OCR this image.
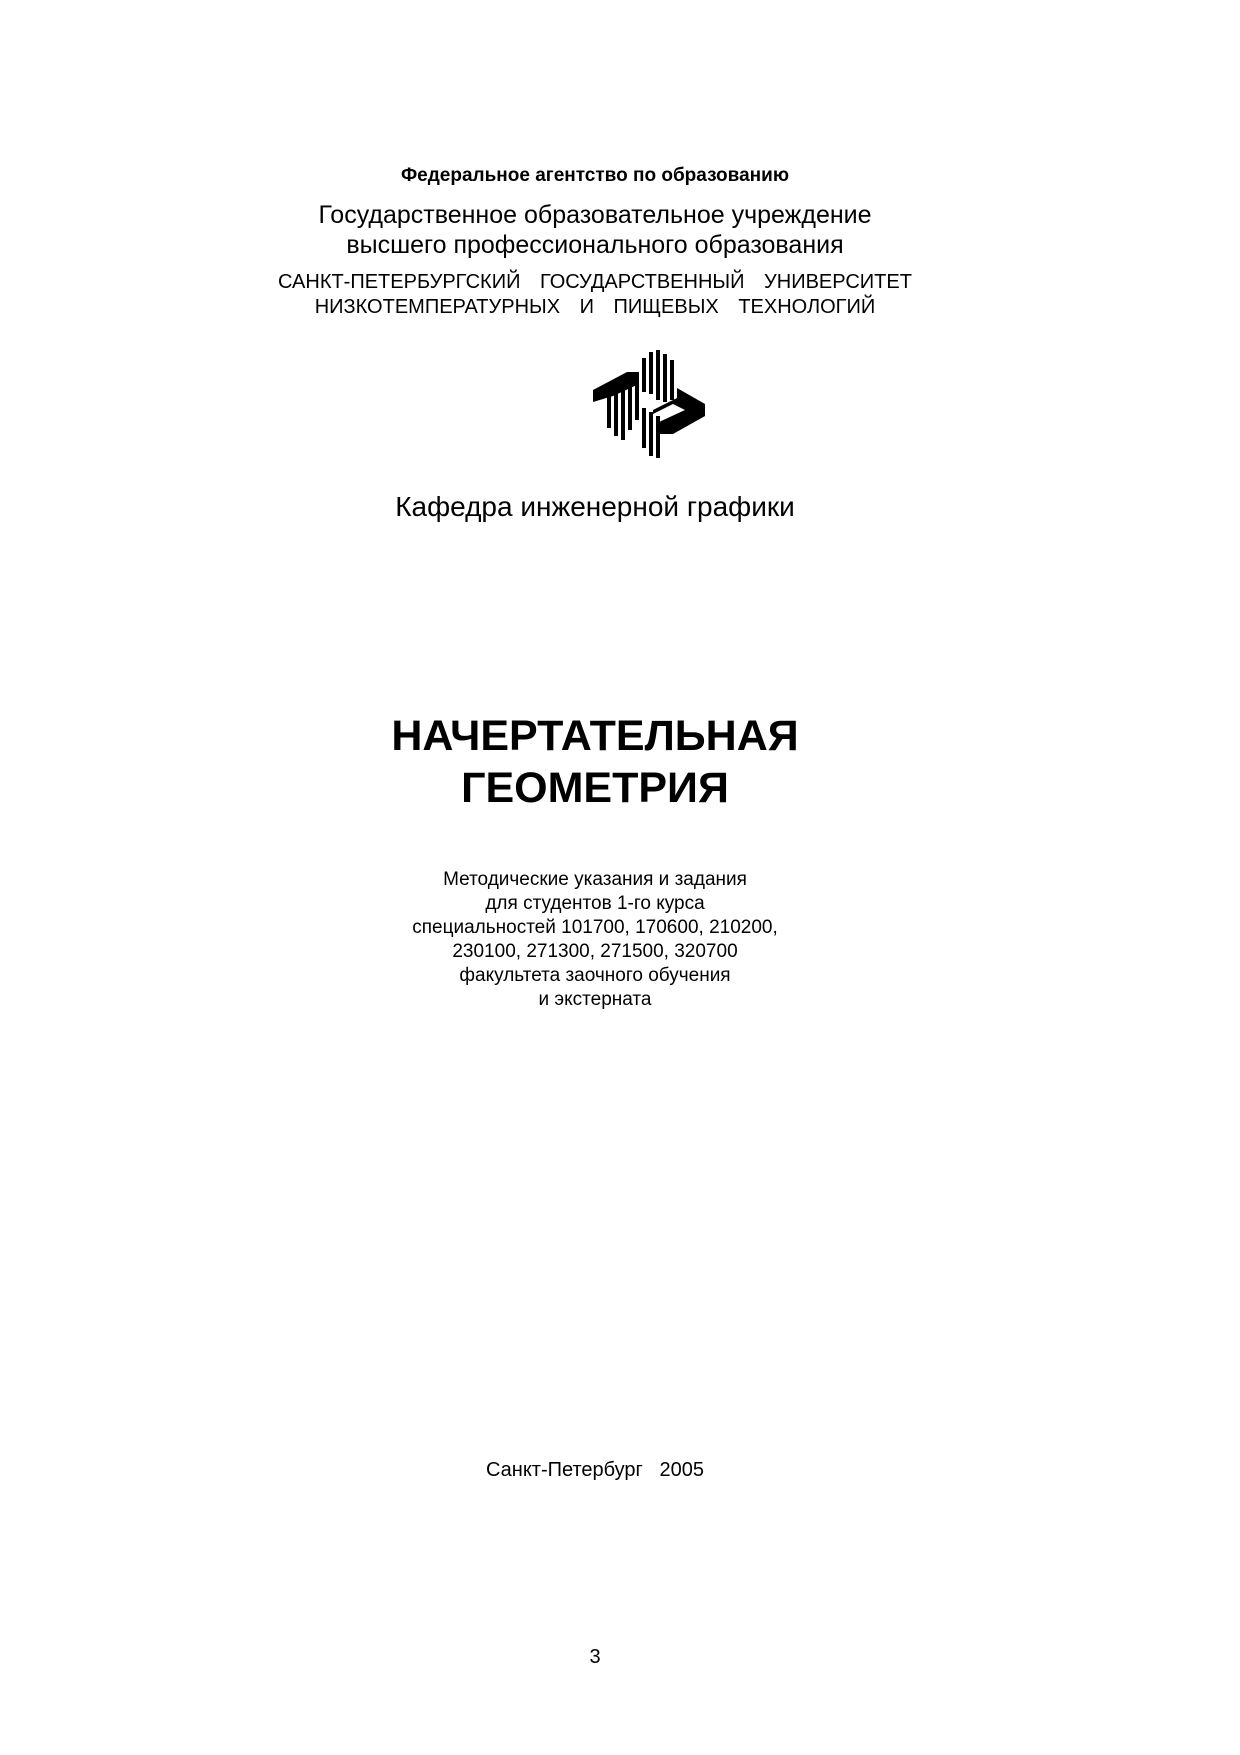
Федеральное агентство по образованию
Государственное образовательное учреждение
высшего профессионального образования
САНКТ-ПЕТЕРБУРГСКИЙ ГОСУДАРСТВЕННЫЙ УНИВЕРСИТЕТ
НИЗКОТЕМПЕРАТУРНЫХ И ПИЩЕВЫХ ТЕХНОЛОГИЙ
Кафедра инженерной графики
НАЧЕРТАТЕЛЬНАЯ
ГЕОМЕТРИЯ
Методические указания и задания
для студентов 1-го курса
специальностей 101700, 170600, 210200,
230100, 271300, 271500, 320700
факультета заочного обучения
и экстерната
Санкт-Петербург   2005
3
